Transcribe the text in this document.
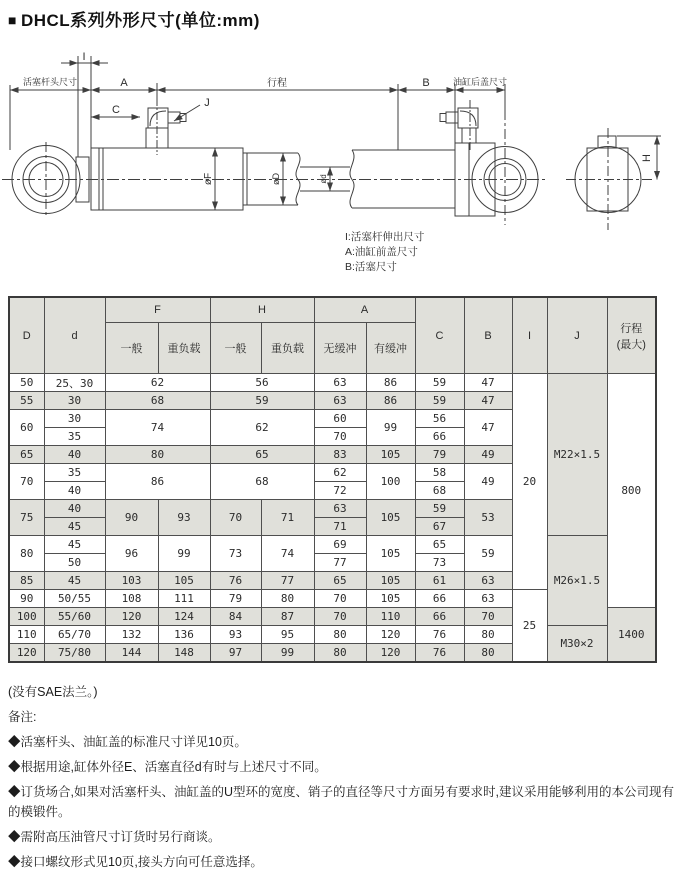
■ DHCL系列外形尺寸(单位:mm)
I
活塞杆头尺寸	A	行程	B	油缸后盖尺寸
C
J
øF	øD	ød
H
I:活塞杆伸出尺寸
A:油缸前盖尺寸
B:活塞尺寸
D	d	F		H		A		C	B	I	J	行程
(最大)

		一般	重负载	一般	重负载	无缓冲	有缓冲					
50	25、30	62		56		63	86	59	47	20	M22×1.5	800
55	30	68		59		63	86	59	47			
60	30	74		62		60	99	56	47			
	35					70		66				
65	40	80		65		83	105	79	49			
70	35	86		68		62	100	58	49			
	40					72		68				
75	40	90	93	70	71	63	105	59	53			
	45					71		67				
80	45	96	99	73	74	69	105	65	59		M26×1.5	
	50					77		73				
85	45	103	105	76	77	65	105	61	63			
90	50/55	108	111	79	80	70	105	66	63	25		
100	55/60	120	124	84	87	70	110	66	70			1400
110	65/70	132	136	93	95	80	120	76	80		M30×2	
120	75/80	144	148	97	99	80	120	76	80			

(没有SAE法兰。)

备注:

◆活塞杆头、油缸盖的标准尺寸详见10页。

◆根据用途,缸体外径E、活塞直径d有时与上述尺寸不同。

◆订货场合,如果对活塞杆头、油缸盖的U型环的宽度、销子的直径等尺寸方面另有要求时,建议采用能够利用的本公司现有的模锻件。

◆需附高压油管尺寸订货时另行商谈。

◆接口螺纹形式见10页,接头方向可任意选择。
